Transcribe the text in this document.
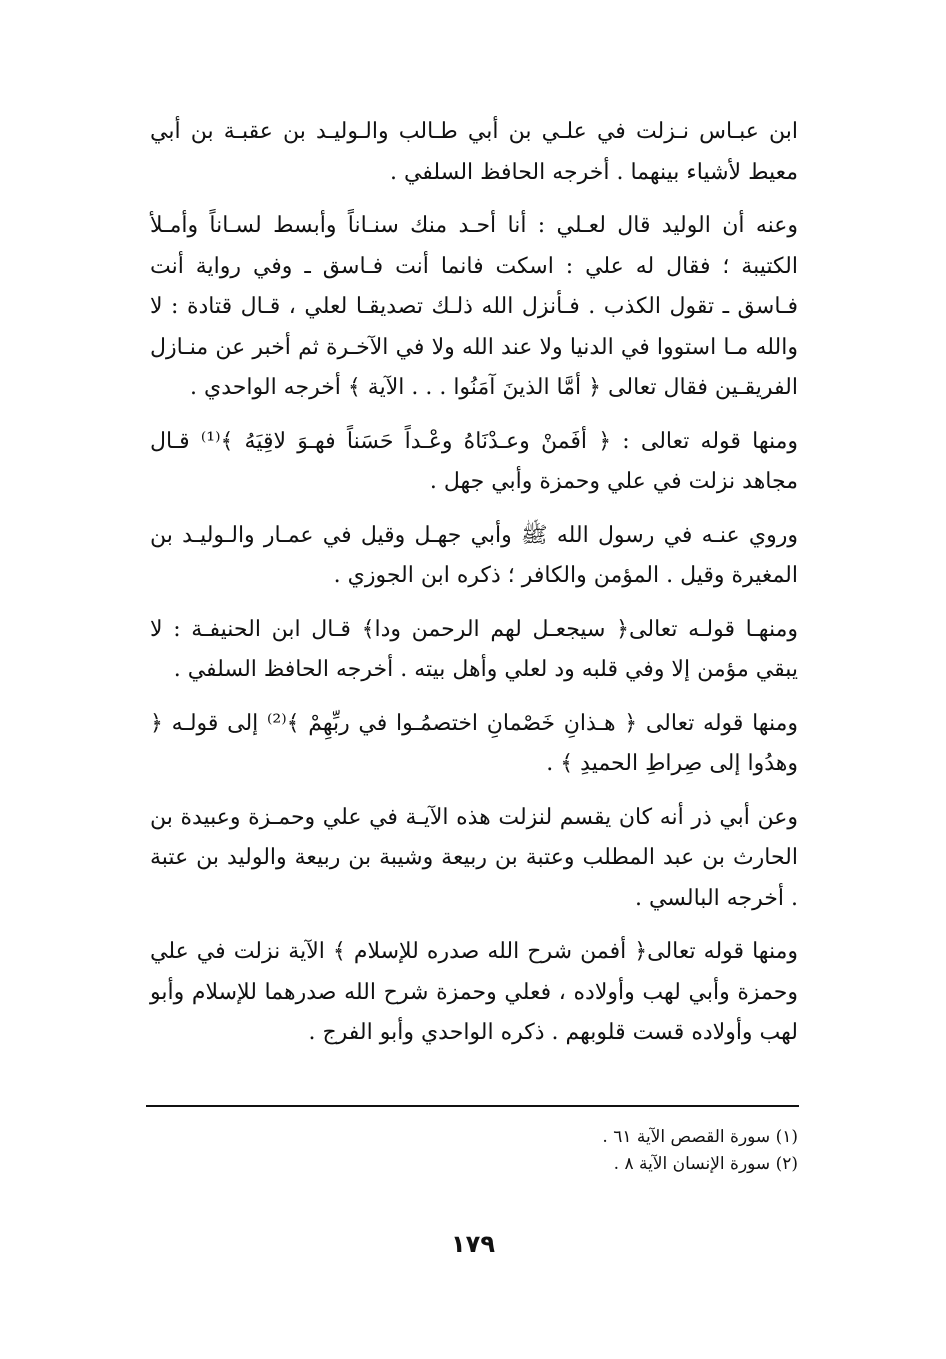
ابن عبـاس نـزلت في علـي بن أبي طـالب والـوليـد بن عقبـة بن أبي معيط لأشياء بينهما . أخرجه الحافظ السلفي .

وعنه أن الوليد قال لعـلي : أنا أحـد منك سنـاناً وأبسط لسـاناً وأمـلأ الكتيبة ؛ فقال له علي : اسكت فانما أنت فـاسق ـ وفي رواية أنت فـاسق ـ تقول الكذب . فـأنزل الله ذلـك تصديقـا لعلي ، قـال قتادة : لا والله مـا استووا في الدنيا ولا عند الله ولا في الآخـرة ثم أخبر عن منـازل الفريقـين فقال تعالى ﴿ أمَّا الذينَ آمَنُوا . . . الآية ﴾ أخرجه الواحدي .

ومنها قوله تعالى : ﴿ أفَمنْ وعـدْنَاهُ وعْـداً حَسَناً فهـوَ لاقِيَهُ ﴾⁽¹⁾ قـال مجاهد نزلت في علي وحمزة وأبي جهل .

وروي عنـه في رسول الله ﷺ وأبي جهـل وقيل في عمـار والـوليـد بن المغيرة وقيل . المؤمن والكافر ؛ ذكره ابن الجوزي .

ومنهـا قولـه تعالى﴿ سيجعـل لهم الرحمن ودا﴾ قـال ابن الحنيفـة : لا يبقي مؤمن إلا وفي قلبه ود لعلي وأهل بيته . أخرجه الحافظ السلفي .

ومنها قوله تعالى ﴿ هـذانِ خَصْمانِ اختصمُـوا في ربِّهِمْ ﴾⁽²⁾ إلى قولـه ﴿ وهدُوا إلى صِراطِ الحميدِ ﴾ .

وعن أبي ذر أنه كان يقسم لنزلت هذه الآيـة في علي وحمـزة وعبيدة بن الحارث بن عبد المطلب وعتبة بن ربيعة وشيبة بن ربيعة والوليد بن عتبة . أخرجه البالسي .

ومنها قوله تعالى﴿ أفمن شرح الله صدره للإسلام ﴾ الآية نزلت في علي وحمزة وأبي لهب وأولاده ، فعلي وحمزة شرح الله صدرهما للإسلام وأبو لهب وأولاده قست قلوبهم . ذكره الواحدي وأبو الفرج .

(١) سورة القصص الآية ٦١ .

(٢) سورة الإنسان الآية ٨ .

١٧٩
